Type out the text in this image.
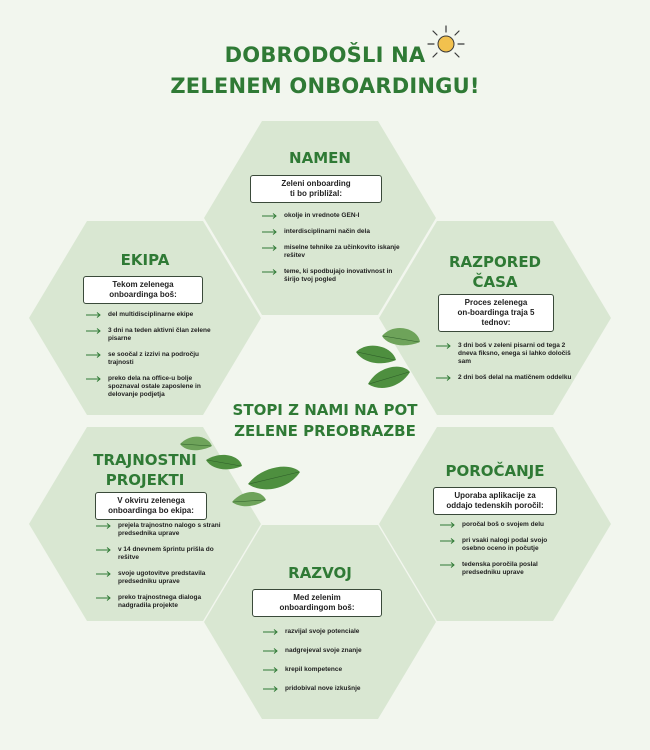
DOBRODOŠLI NA
ZELENEM ONBOARDINGU!
STOPI Z NAMI NA POT
ZELENE PREOBRAZBE
NAMEN
Zeleni onboarding
ti bo približal:
okolje in vrednote GEN-I
interdisciplinarni način dela
miselne tehnike za učinkovito iskanje rešitev
teme, ki spodbujajo inovativnost in širijo tvoj pogled
EKIPA
Tekom zelenega
onboardinga boš:
del multidisciplinarne ekipe
3 dni na teden aktivni član zelene pisarne
se soočal z izzivi na področju trajnosti
preko dela na office-u bolje spoznaval ostale zaposlene in delovanje podjetja
RAZPORED
ČASA
Proces zelenega
on-boardinga traja 5
tednov:
3 dni boš v zeleni pisarni od tega 2 dneva fiksno, enega si lahko določiš sam
2 dni boš delal na matičnem oddelku
TRAJNOSTNI
PROJEKTI
V okviru zelenega
onboardinga bo ekipa:
prejela trajnostno nalogo s strani predsednika uprave
v 14 dnevnem šprintu prišla do rešitve
svoje ugotovitve predstavila predsedniku uprave
preko trajnostnega dialoga nadgradila projekte
POROČANJE
Uporaba aplikacije za
oddajo tedenskih poročil:
poročal boš o svojem delu
pri vsaki nalogi podal svojo osebno oceno in počutje
tedenska poročila poslal predsedniku uprave
RAZVOJ
Med zelenim
onboardingom boš:
razvijal svoje potenciale
nadgrejeval svoje znanje
krepil kompetence
pridobival nove izkušnje
